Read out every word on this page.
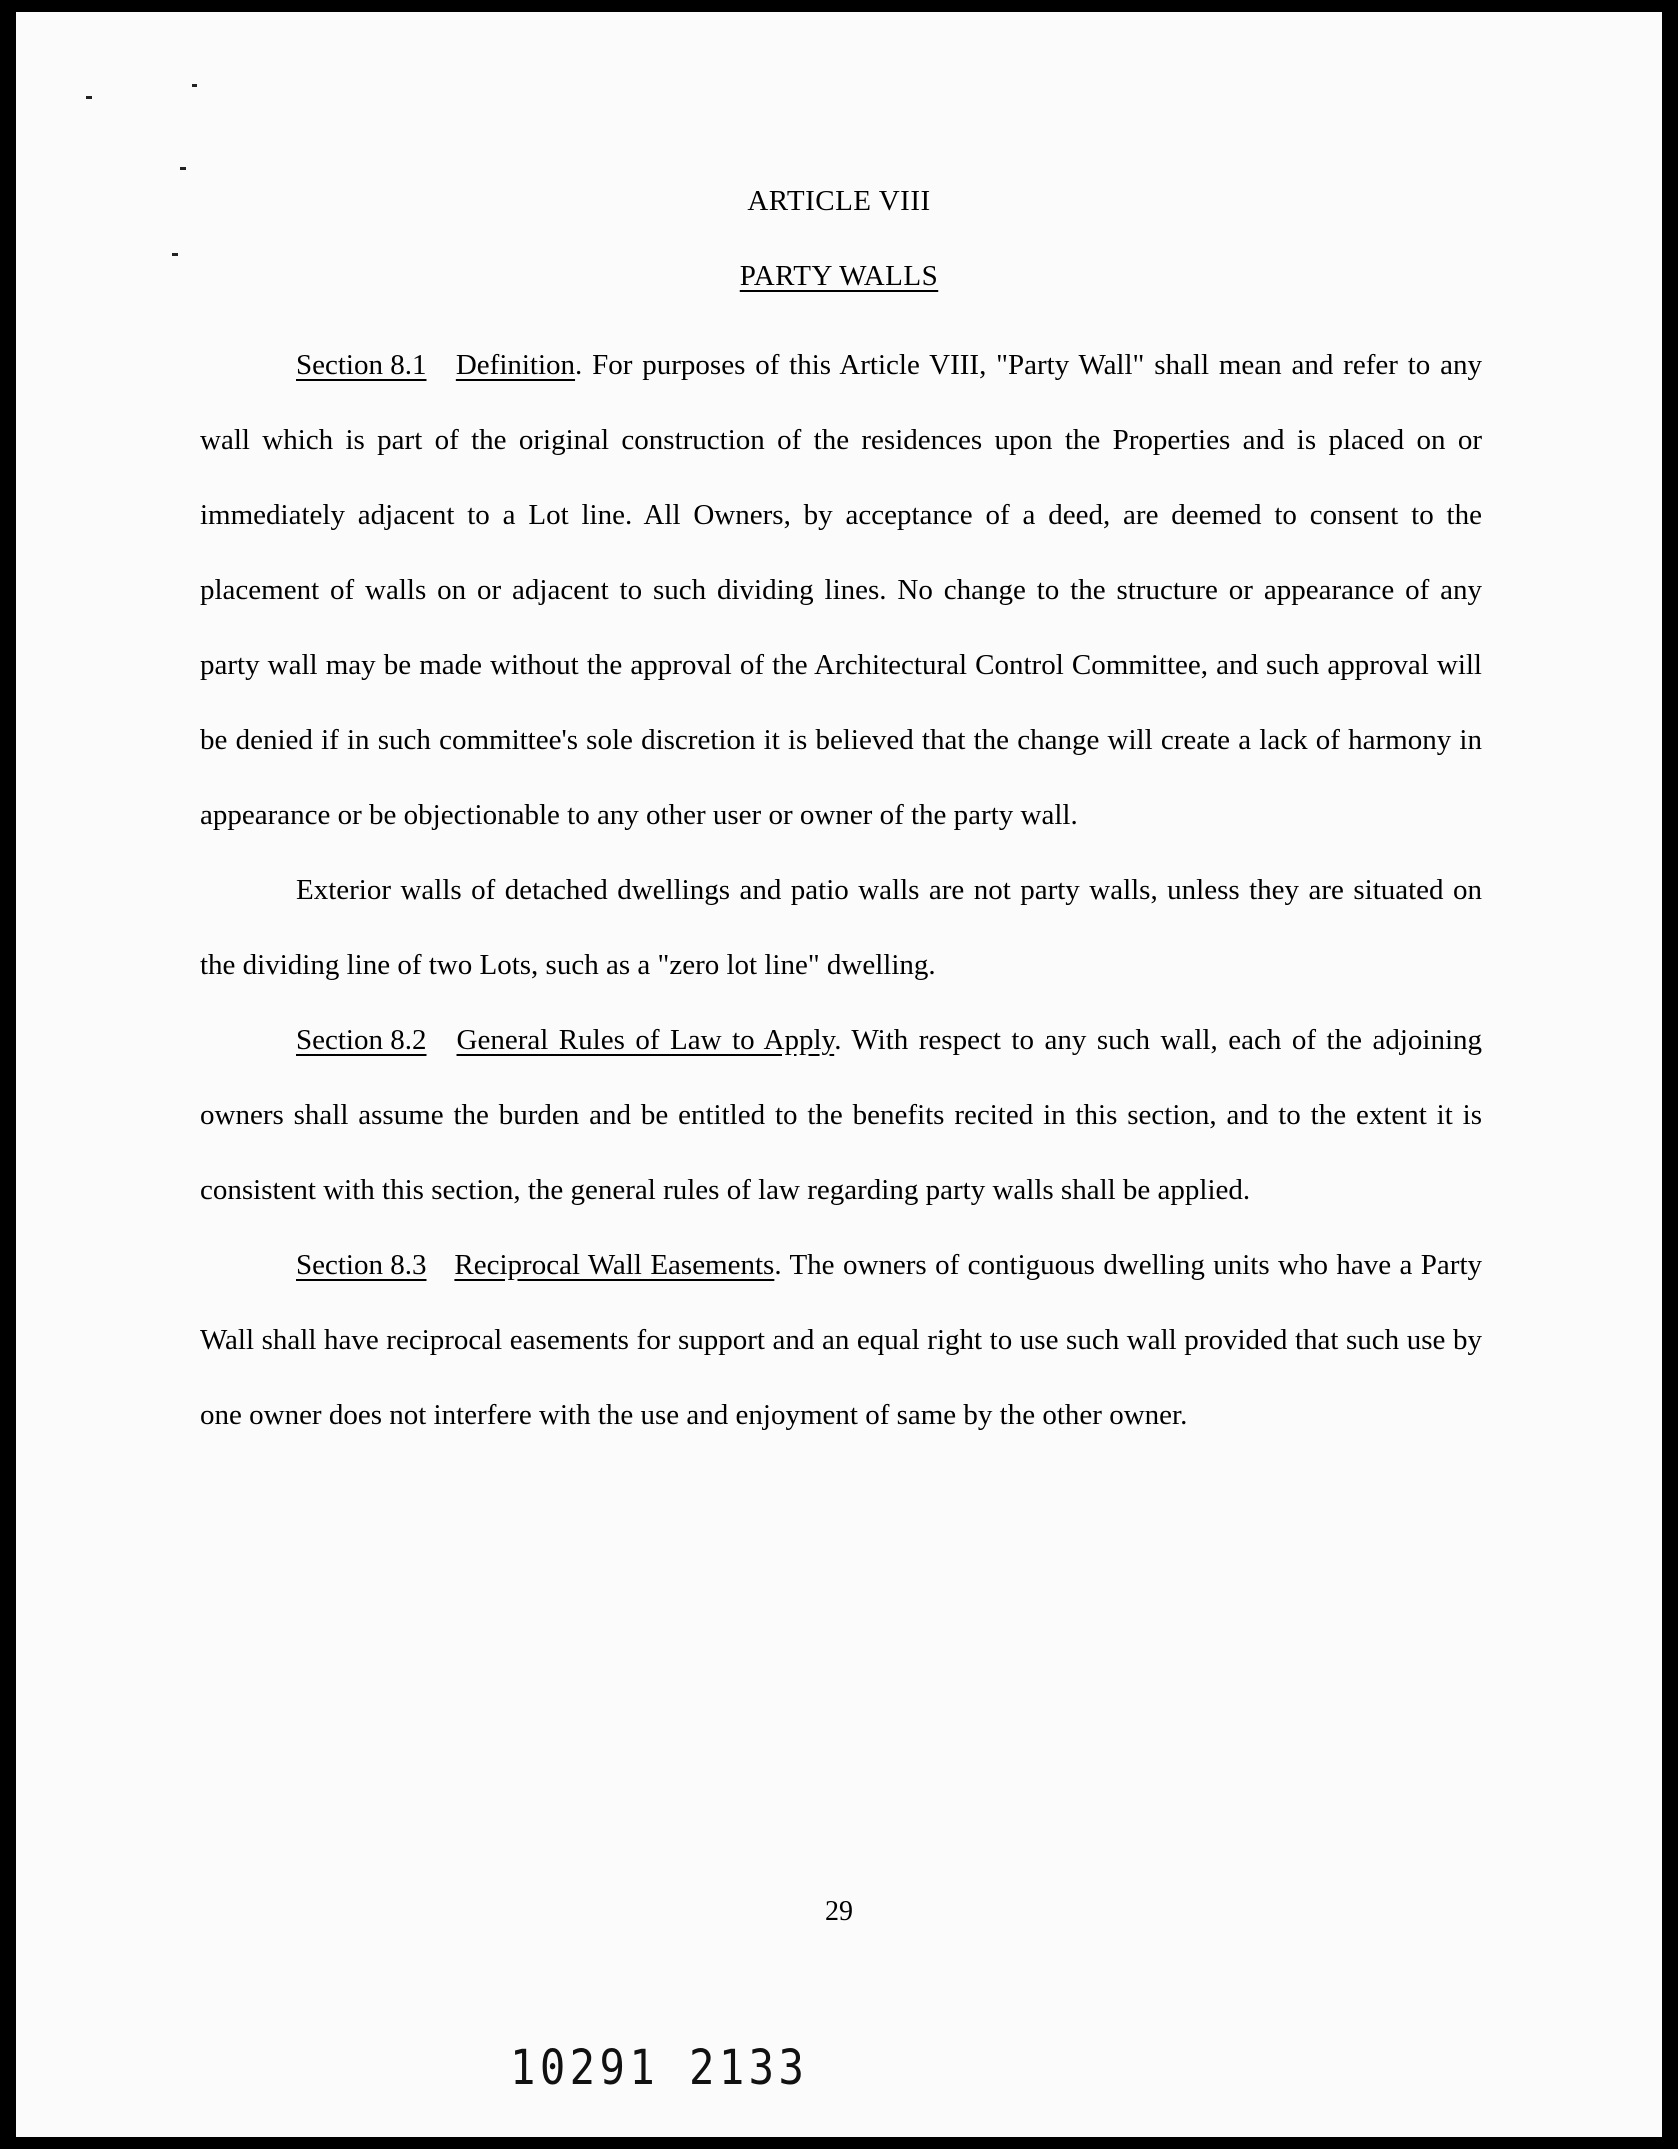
ARTICLE VIII
PARTY WALLS

Section 8.1 Definition. For purposes of this Article VIII, "Party Wall" shall mean and refer to any wall which is part of the original construction of the residences upon the Properties and is placed on or immediately adjacent to a Lot line. All Owners, by acceptance of a deed, are deemed to consent to the placement of walls on or adjacent to such dividing lines. No change to the structure or appearance of any party wall may be made without the approval of the Architectural Control Committee, and such approval will be denied if in such committee's sole discretion it is believed that the change will create a lack of harmony in appearance or be objectionable to any other user or owner of the party wall.

Exterior walls of detached dwellings and patio walls are not party walls, unless they are situated on the dividing line of two Lots, such as a "zero lot line" dwelling.

Section 8.2 General Rules of Law to Apply. With respect to any such wall, each of the adjoining owners shall assume the burden and be entitled to the benefits recited in this section, and to the extent it is consistent with this section, the general rules of law regarding party walls shall be applied.

Section 8.3 Reciprocal Wall Easements. The owners of contiguous dwelling units who have a Party Wall shall have reciprocal easements for support and an equal right to use such wall provided that such use by one owner does not interfere with the use and enjoyment of same by the other owner.

29
10291 2133
